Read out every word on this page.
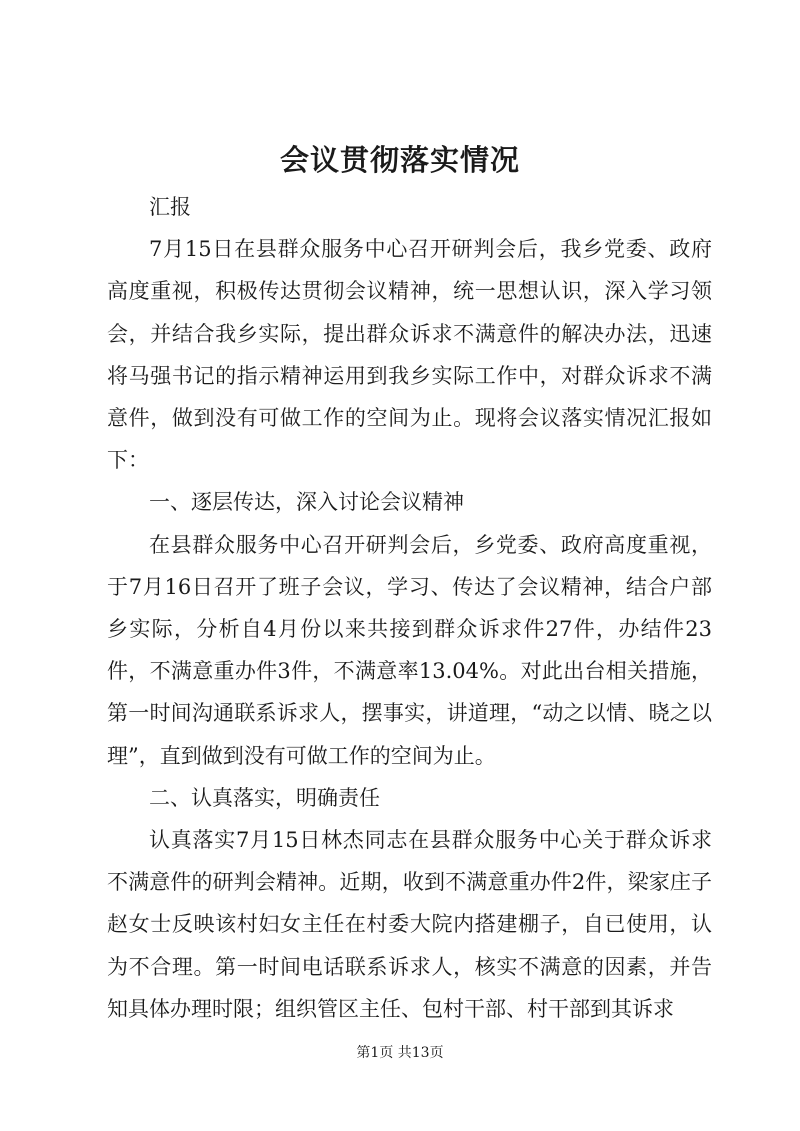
会议贯彻落实情况

汇报

7月15日在县群众服务中心召开研判会后，我乡党委、政府高度重视，积极传达贯彻会议精神，统一思想认识，深入学习领会，并结合我乡实际，提出群众诉求不满意件的解决办法，迅速将马强书记的指示精神运用到我乡实际工作中，对群众诉求不满意件，做到没有可做工作的空间为止。现将会议落实情况汇报如下：

一、逐层传达，深入讨论会议精神

在县群众服务中心召开研判会后，乡党委、政府高度重视，于7月16日召开了班子会议，学习、传达了会议精神，结合户部乡实际，分析自4月份以来共接到群众诉求件27件，办结件23件，不满意重办件3件，不满意率13.04%。对此出台相关措施，第一时间沟通联系诉求人，摆事实，讲道理，“动之以情、晓之以理”，直到做到没有可做工作的空间为止。

二、认真落实，明确责任

认真落实7月15日林杰同志在县群众服务中心关于群众诉求不满意件的研判会精神。近期，收到不满意重办件2件，梁家庄子赵女士反映该村妇女主任在村委大院内搭建棚子，自已使用，认为不合理。第一时间电话联系诉求人，核实不满意的因素，并告知具体办理时限；组织管区主任、包村干部、村干部到其诉求

第1页 共13页
